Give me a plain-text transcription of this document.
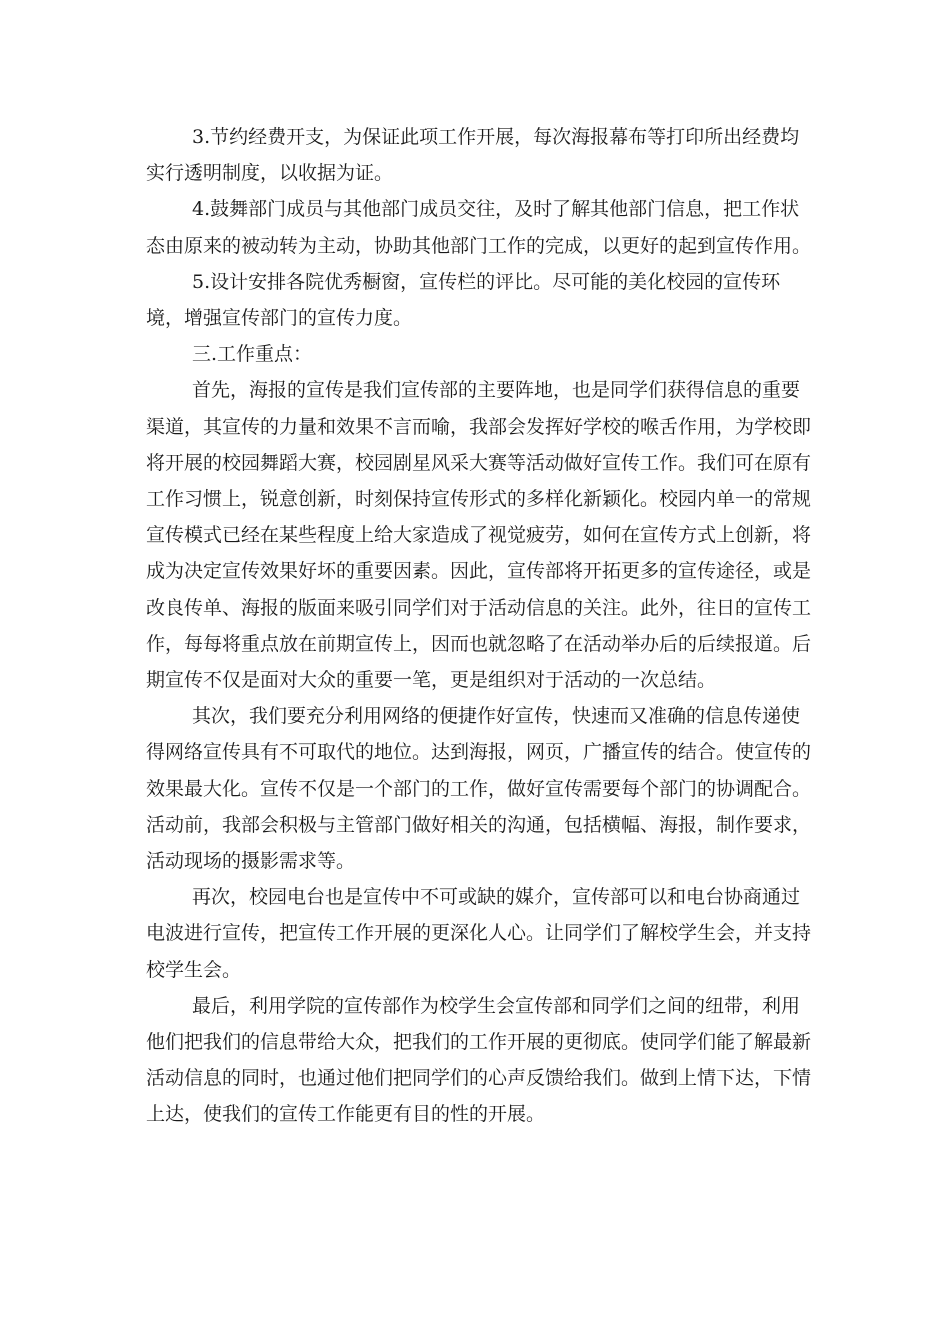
3.节约经费开支，为保证此项工作开展，每次海报幕布等打印所出经费均实行透明制度，以收据为证。

4.鼓舞部门成员与其他部门成员交往，及时了解其他部门信息，把工作状态由原来的被动转为主动，协助其他部门工作的完成，以更好的起到宣传作用。

5.设计安排各院优秀橱窗，宣传栏的评比。尽可能的美化校园的宣传环境，增强宣传部门的宣传力度。

三.工作重点：

首先，海报的宣传是我们宣传部的主要阵地，也是同学们获得信息的重要渠道，其宣传的力量和效果不言而喻，我部会发挥好学校的喉舌作用，为学校即将开展的校园舞蹈大赛，校园剧星风采大赛等活动做好宣传工作。我们可在原有工作习惯上，锐意创新，时刻保持宣传形式的多样化新颖化。校园内单一的常规宣传模式已经在某些程度上给大家造成了视觉疲劳，如何在宣传方式上创新，将成为决定宣传效果好坏的重要因素。因此，宣传部将开拓更多的宣传途径，或是改良传单、海报的版面来吸引同学们对于活动信息的关注。此外，往日的宣传工作，每每将重点放在前期宣传上，因而也就忽略了在活动举办后的后续报道。后期宣传不仅是面对大众的重要一笔，更是组织对于活动的一次总结。

其次，我们要充分利用网络的便捷作好宣传，快速而又准确的信息传递使得网络宣传具有不可取代的地位。达到海报，网页，广播宣传的结合。使宣传的效果最大化。宣传不仅是一个部门的工作，做好宣传需要每个部门的协调配合。活动前，我部会积极与主管部门做好相关的沟通，包括横幅、海报，制作要求，活动现场的摄影需求等。

再次，校园电台也是宣传中不可或缺的媒介，宣传部可以和电台协商通过电波进行宣传，把宣传工作开展的更深化人心。让同学们了解校学生会，并支持校学生会。

最后，利用学院的宣传部作为校学生会宣传部和同学们之间的纽带，利用他们把我们的信息带给大众，把我们的工作开展的更彻底。使同学们能了解最新活动信息的同时，也通过他们把同学们的心声反馈给我们。做到上情下达，下情上达，使我们的宣传工作能更有目的性的开展。
